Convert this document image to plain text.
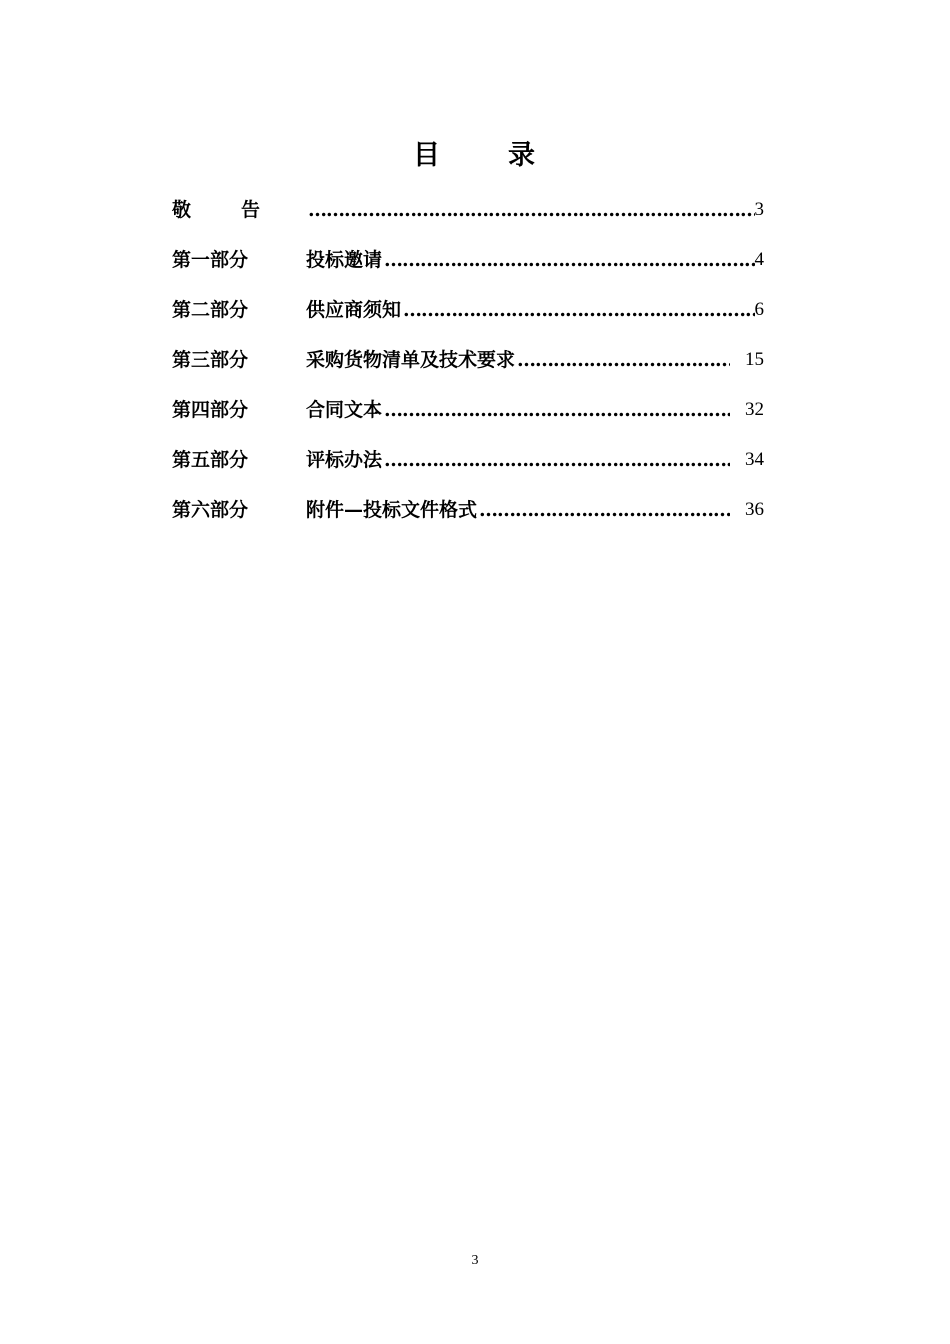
目 录
敬	告 …………………………………………………………………………………………………………………	3
第一部分	投标邀请 …………………………………………………………………………………………………………………	4
第二部分	供应商须知 …………………………………………………………………………………………………………………	6
第三部分	采购货物清单及技术要求 …………………………………………………………………………………………………………………	15
第四部分	合同文本 …………………………………………………………………………………………………………………	32
第五部分	评标办法 …………………………………………………………………………………………………………………	34
第六部分	附件—投标文件格式 …………………………………………………………………………………………………………………	36
3
